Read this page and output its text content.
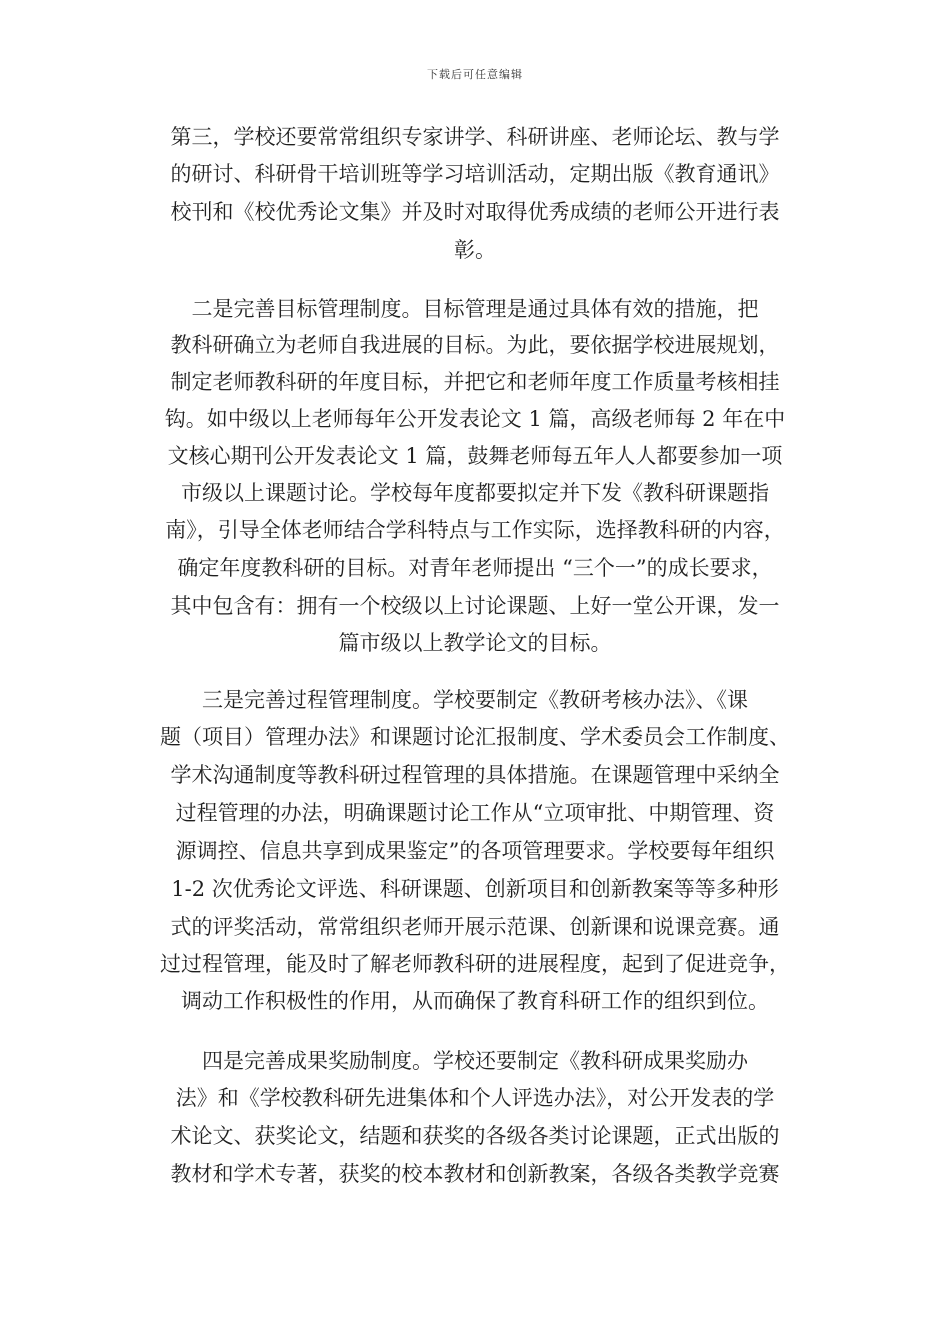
下载后可任意编辑
第三，学校还要常常组织专家讲学、科研讲座、老师论坛、教与学
的研讨、科研骨干培训班等学习培训活动，定期出版《教育通讯》
校刊和《校优秀论文集》并及时对取得优秀成绩的老师公开进行表
彰。
二是完善目标管理制度。目标管理是通过具体有效的措施，把
教科研确立为老师自我进展的目标。为此，要依据学校进展规划，
制定老师教科研的年度目标，并把它和老师年度工作质量考核相挂
钩。如中级以上老师每年公开发表论文 1 篇，高级老师每 2 年在中
文核心期刊公开发表论文 1 篇，鼓舞老师每五年人人都要参加一项
市级以上课题讨论。学校每年度都要拟定并下发《教科研课题指
南》，引导全体老师结合学科特点与工作实际，选择教科研的内容，
确定年度教科研的目标。对青年老师提出 “三个一”的成长要求，
其中包含有：拥有一个校级以上讨论课题、上好一堂公开课，发一
篇市级以上教学论文的目标。
三是完善过程管理制度。学校要制定《教研考核办法》、《课
题（项目）管理办法》和课题讨论汇报制度、学术委员会工作制度、
学术沟通制度等教科研过程管理的具体措施。在课题管理中采纳全
过程管理的办法，明确课题讨论工作从“立项审批、中期管理、资
源调控、信息共享到成果鉴定”的各项管理要求。学校要每年组织
1-2 次优秀论文评选、科研课题、创新项目和创新教案等等多种形
式的评奖活动，常常组织老师开展示范课、创新课和说课竞赛。通
过过程管理，能及时了解老师教科研的进展程度，起到了促进竞争，
调动工作积极性的作用，从而确保了教育科研工作的组织到位。
四是完善成果奖励制度。学校还要制定《教科研成果奖励办
法》和《学校教科研先进集体和个人评选办法》，对公开发表的学
术论文、获奖论文，结题和获奖的各级各类讨论课题，正式出版的
教材和学术专著，获奖的校本教材和创新教案，各级各类教学竞赛
